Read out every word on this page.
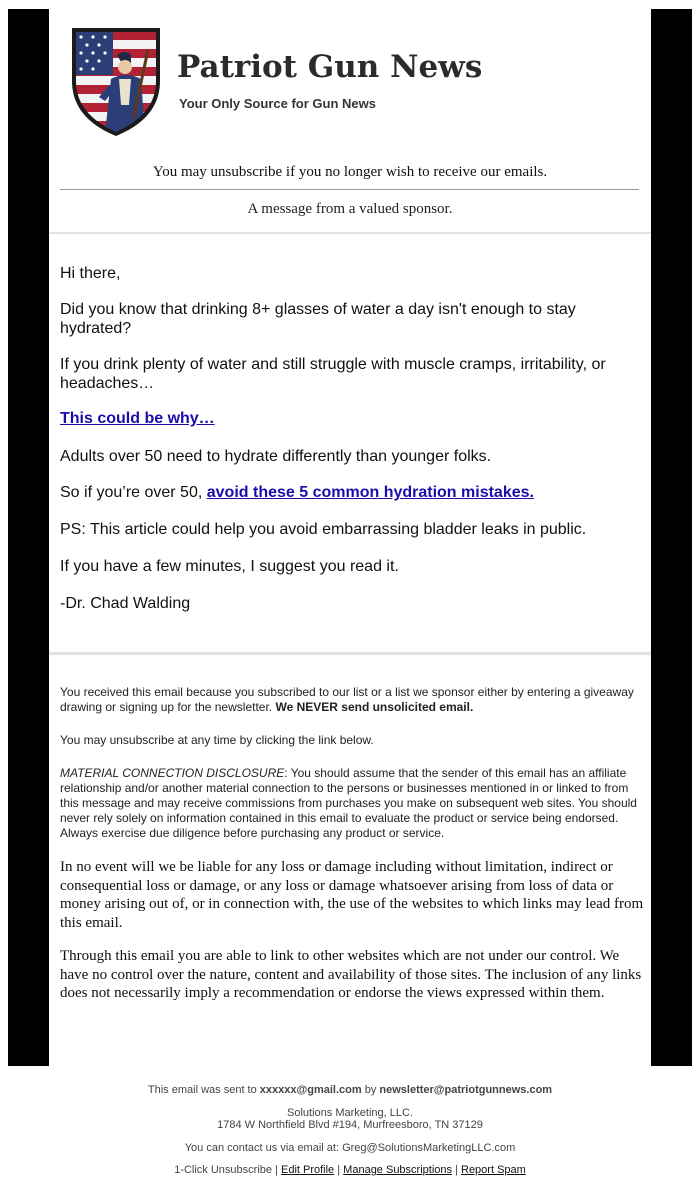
Patriot Gun News
Your Only Source for Gun News
You may unsubscribe if you no longer wish to receive our emails.
A message from a valued sponsor.

Hi there,

Did you know that drinking 8+ glasses of water a day isn't enough to stay hydrated?

If you drink plenty of water and still struggle with muscle cramps, irritability, or headaches…

This could be why…

Adults over 50 need to hydrate differently than younger folks.

So if you’re over 50, avoid these 5 common hydration mistakes.

PS: This article could help you avoid embarrassing bladder leaks in public.

If you have a few minutes, I suggest you read it.

-Dr. Chad Walding

You received this email because you subscribed to our list or a list we sponsor either by entering a giveaway drawing or signing up for the newsletter. We NEVER send unsolicited email.

You may unsubscribe at any time by clicking the link below.

MATERIAL CONNECTION DISCLOSURE: You should assume that the sender of this email has an affiliate relationship and/or another material connection to the persons or businesses mentioned in or linked to from this message and may receive commissions from purchases you make on subsequent web sites. You should never rely solely on information contained in this email to evaluate the product or service being endorsed. Always exercise due diligence before purchasing any product or service.

In no event will we be liable for any loss or damage including without limitation, indirect or consequential loss or damage, or any loss or damage whatsoever arising from loss of data or money arising out of, or in connection with, the use of the websites to which links may lead from this email.

Through this email you are able to link to other websites which are not under our control. We have no control over the nature, content and availability of those sites. The inclusion of any links does not necessarily imply a recommendation or endorse the views expressed within them.

This email was sent to xxxxxx@gmail.com by newsletter@patriotgunnews.com
Solutions Marketing, LLC.
1784 W Northfield Blvd #194, Murfreesboro, TN 37129
You can contact us via email at: Greg@SolutionsMarketingLLC.com
1-Click Unsubscribe | Edit Profile | Manage Subscriptions | Report Spam
